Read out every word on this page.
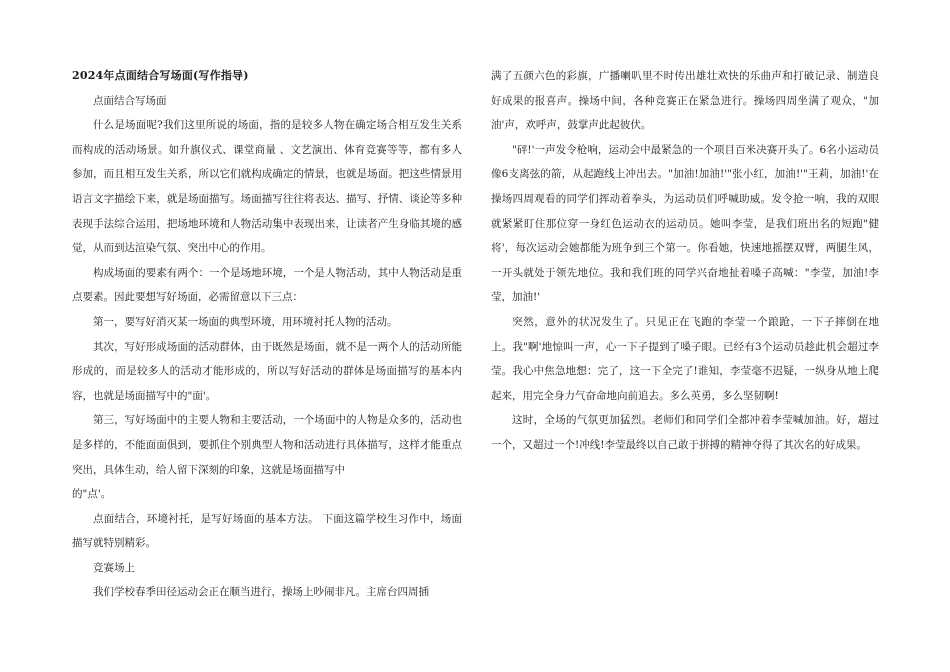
2024年点面结合写场面(写作指导)

点面结合写场面

什么是场面呢?我们这里所说的场面，指的是较多人物在确定场合相互发生关系而构成的活动场景。如升旗仪式、课堂商量 、文艺演出、体育竞赛等等，都有多人参加，而且相互发生关系，所以它们就构成确定的情景，也就是场面。把这些情景用语言文字描绘下来，就是场面描写。场面描写往往将表达、描写、抒情、谈论等多种表现手法综合运用，把场地环境和人物活动集中表现出来，让读者产生身临其境的感觉，从而到达渲染气氛、突出中心的作用。

构成场面的要素有两个：一个是场地环境，一个是人物活动，其中人物活动是重点要素。因此要想写好场面，必需留意以下三点：

第一，要写好消灭某一场面的典型环境，用环境衬托人物的活动。

其次，写好形成场面的活动群体，由于既然是场面，就不是一两个人的活动所能形成的，而是较多人的活动才能形成的，所以写好活动的群体是场面描写的基本内容，也就是场面描写中的"面'。

第三，写好场面中的主要人物和主要活动，一个场面中的人物是众多的，活动也是多样的，不能面面俱到，要抓住个别典型人物和活动进行具体描写，这样才能重点突出，具体生动，给人留下深刻的印象，这就是场面描写中

的"点'。

点面结合，环境衬托，是写好场面的基本方法。 下面这篇学校生习作中，场面描写就特别精彩。

竞赛场上

我们学校春季田径运动会正在顺当进行，操场上吵闹非凡。主席台四周插

满了五颜六色的彩旗，广播喇叭里不时传出雄壮欢快的乐曲声和打破记录、制造良好成果的报喜声。操场中间，各种竞赛正在紧急进行。操场四周坐满了观众，"加油'声，欢呼声，鼓掌声此起彼伏。

"砰!'一声发令枪响，运动会中最紧急的一个项目百米决赛开头了。6名小运动员像6支离弦的箭，从起跑线上冲出去。"加油!加油!'"张小红，加油!'"王莉，加油!'在操场四周观看的同学们挥动着拳头，为运动员们呼喊助威。发令抢一响，我的双眼就紧紧盯住那位穿一身红色运动衣的运动员。她叫李莹，是我们班出名的短跑"健将'，每次运动会她都能为班争到三个第一。你看她，快速地摇摆双臂，两腿生风，一开头就处于领先地位。我和我们班的同学兴奋地扯着嗓子高喊："李莹，加油!李莹，加油!'

突然，意外的状况发生了。只见正在飞跑的李莹一个踉跄，一下子摔倒在地上。我"啊'地惊叫一声，心一下子提到了嗓子眼。已经有3个运动员趁此机会超过李莹。我心中焦急地想：完了，这一下全完了!谁知，李莹毫不迟疑，一纵身从地上爬起来，用完全身力气奋命地向前追去。多么英勇，多么坚韧啊!

这时，全场的气氛更加猛烈。老师们和同学们全都冲着李莹喊加油。好，超过一个，又超过一个!冲线!李莹最终以自己敢于拼搏的精神夺得了其次名的好成果。
